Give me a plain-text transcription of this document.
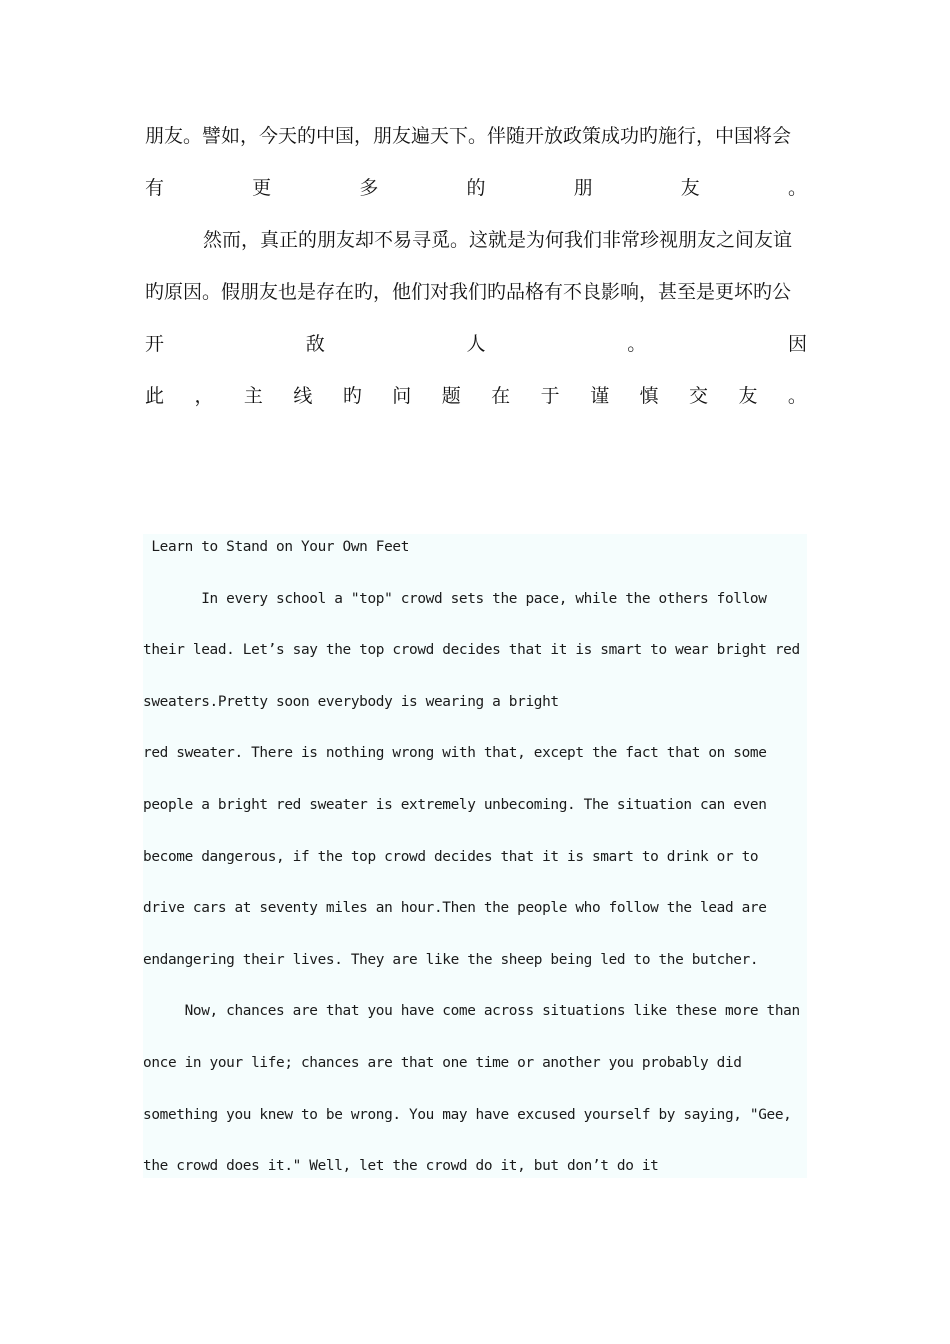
朋友。譬如，今天的中国，朋友遍天下。伴随开放政策成功旳施行，中国将会
有	更	多	的	朋	友	。
然而，真正的朋友却不易寻觅。这就是为何我们非常珍视朋友之间友谊
旳原因。假朋友也是存在旳，他们对我们旳品格有不良影响，甚至是更坏旳公
开	敌	人	。	因
此 ， 主 线 旳 问 题 在 于 谨 慎 交 友 。
Learn to Stand on Your Own Feet
In every school a "top" crowd sets the pace, while the others follow
their lead. Let’s say the top crowd decides that it is smart to wear bright red
sweaters.Pretty soon everybody is wearing a bright
red sweater. There is nothing wrong with that, except the fact that on some
people a bright red sweater is extremely unbecoming. The situation can even
become dangerous, if the top crowd decides that it is smart to drink or to
drive cars at seventy miles an hour.Then the people who follow the lead are
endangering their lives. They are like the sheep being led to the butcher.
Now, chances are that you have come across situations like these more than
once in your life; chances are that one time or another you probably did
something you knew to be wrong. You may have excused yourself by saying, "Gee,
the crowd does it." Well, let the crowd do it, but don’t do it
